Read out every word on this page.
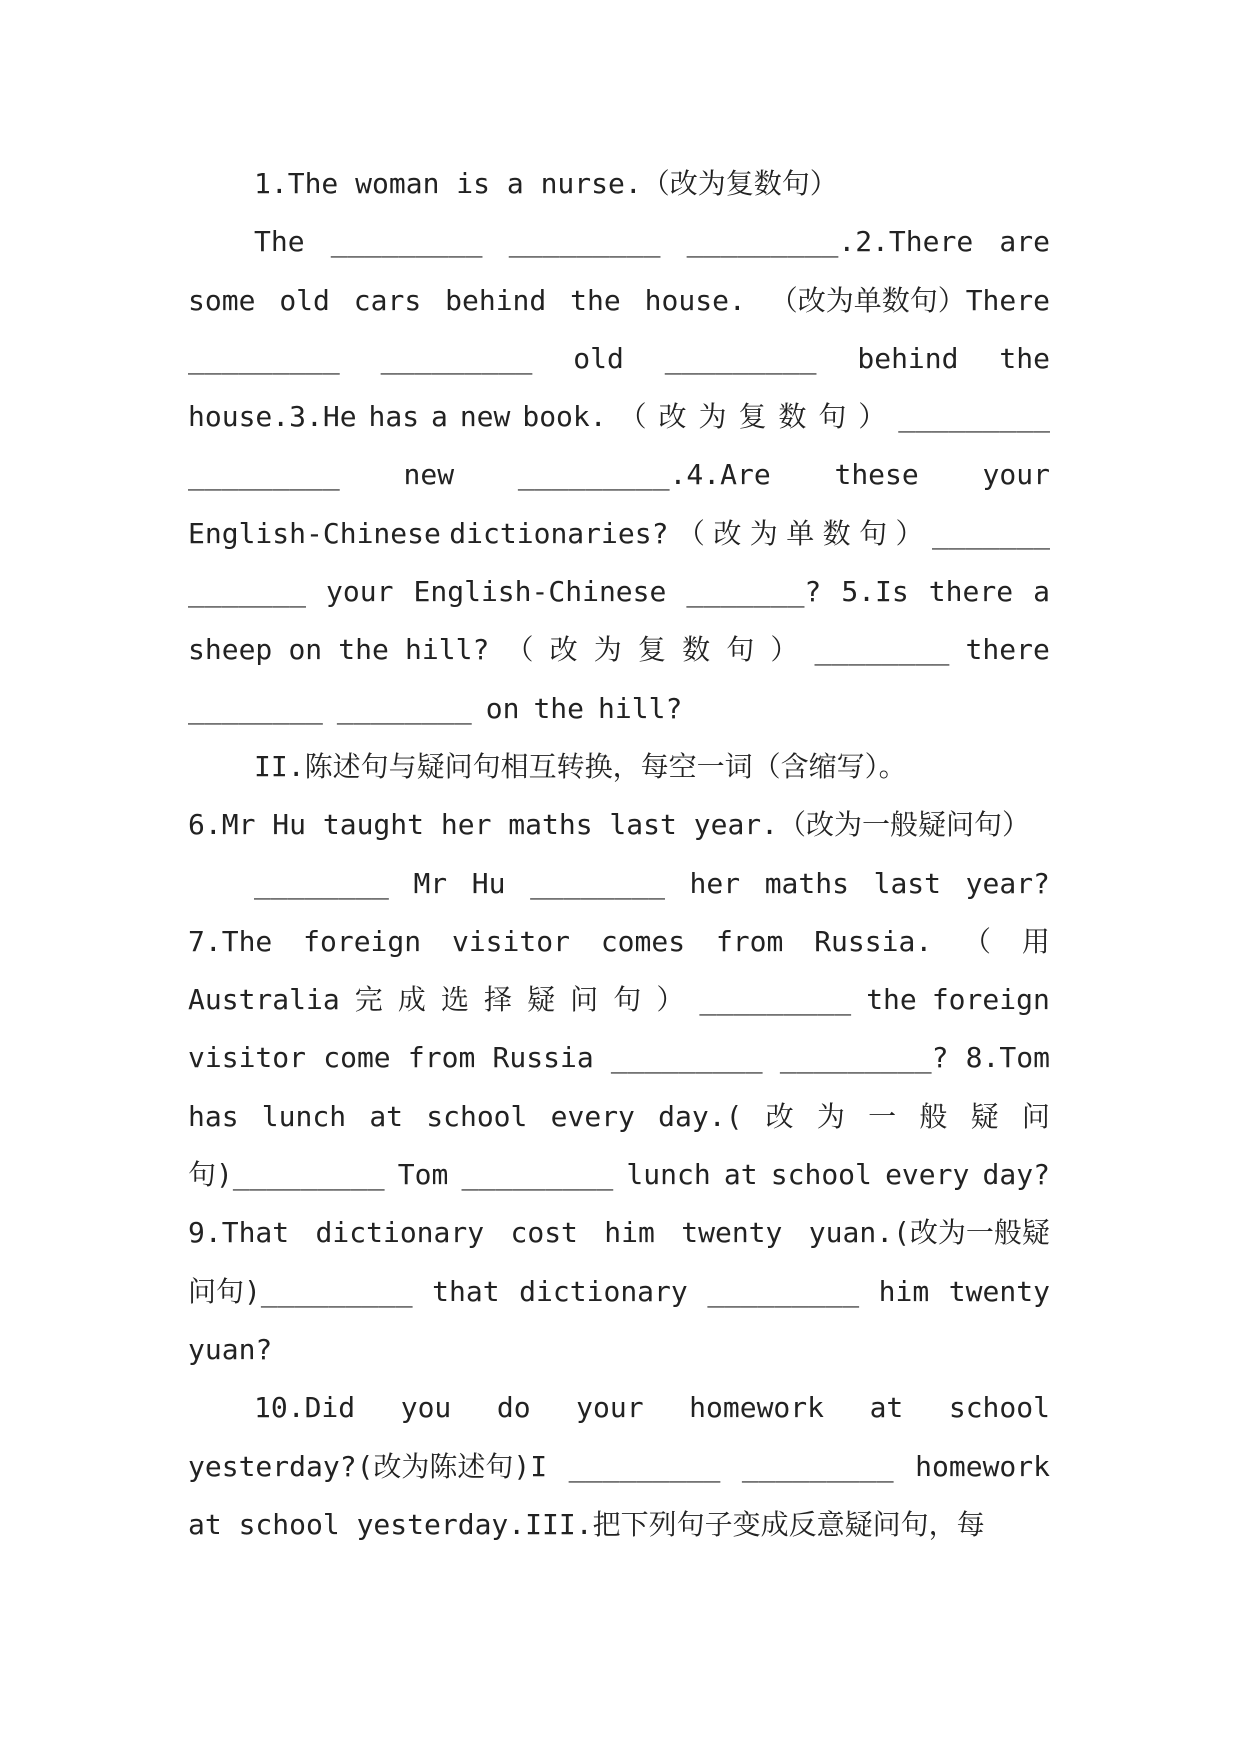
1.The woman is a nurse.（改为复数句）
The _________ _________ _________.2.There are
some old cars behind the house. （改为单数句）There
_________ _________ old _________ behind the
house.3.He has a new book. （ 改 为 复 数 句 ） _________
_________ new _________.4.Are these your
English-Chinese dictionaries? （ 改 为 单 数 句 ） _______
_______ your English-Chinese _______? 5.Is there a
sheep on the hill? （ 改 为 复 数 句 ） ________ there
________ ________ on the hill?
II.陈述句与疑问句相互转换，每空一词（含缩写）。
6.Mr Hu taught her maths last year.（改为一般疑问句）
________ Mr Hu ________ her maths last year?
7.The foreign visitor comes from Russia. （ 用
Australia 完 成 选 择 疑 问 句 ） _________ the foreign
visitor come from Russia _________ _________? 8.Tom
has lunch at school every day.( 改 为 一 般 疑 问
句)_________ Tom _________ lunch at school every day?
9.That dictionary cost him twenty yuan.(改为一般疑
问句)_________ that dictionary _________ him twenty
yuan?
10.Did you do your homework at school
yesterday?(改为陈述句)I _________ _________ homework
at school yesterday.III.把下列句子变成反意疑问句，每
